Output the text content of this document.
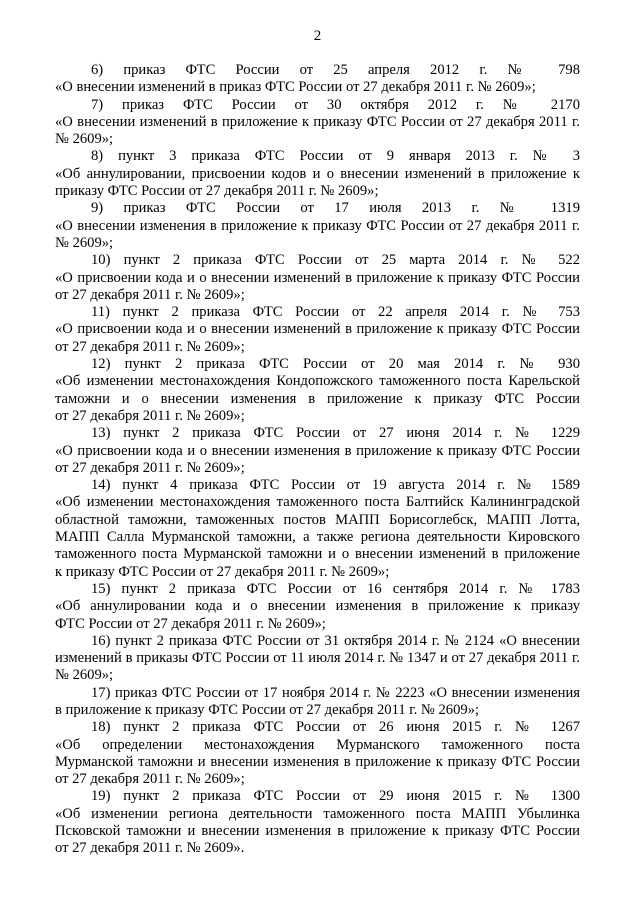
2

6) приказ ФТС России от 25 апреля 2012 г. № 798
«О внесении изменений в приказ ФТС России от 27 декабря 2011 г. № 2609»;

7) приказ ФТС России от 30 октября 2012 г. № 2170
«О внесении изменений в приложение к приказу ФТС России от 27 декабря 2011 г.
№ 2609»;

8) пункт 3 приказа ФТС России от 9 января 2013 г. № 3
«Об аннулировании, присвоении кодов и о внесении изменений в приложение к
приказу ФТС России от 27 декабря 2011 г. № 2609»;

9) приказ ФТС России от 17 июля 2013 г. № 1319
«О внесении изменения в приложение к приказу ФТС России от 27 декабря 2011 г.
№ 2609»;

10) пункт 2 приказа ФТС России от 25 марта 2014 г. № 522
«О присвоении кода и о внесении изменений в приложение к приказу ФТС России
от 27 декабря 2011 г. № 2609»;

11) пункт 2 приказа ФТС России от 22 апреля 2014 г. № 753
«О присвоении кода и о внесении изменений в приложение к приказу ФТС России
от 27 декабря 2011 г. № 2609»;

12) пункт 2 приказа ФТС России от 20 мая 2014 г. № 930
«Об изменении местонахождения Кондопожского таможенного поста Карельской
таможни и о внесении изменения в приложение к приказу ФТС России
от 27 декабря 2011 г. № 2609»;

13) пункт 2 приказа ФТС России от 27 июня 2014 г. № 1229
«О присвоении кода и о внесении изменения в приложение к приказу ФТС России
от 27 декабря 2011 г. № 2609»;

14) пункт 4 приказа ФТС России от 19 августа 2014 г. № 1589
«Об изменении местонахождения таможенного поста Балтийск Калининградской
областной таможни, таможенных постов МАПП Борисоглебск, МАПП Лотта,
МАПП Салла Мурманской таможни, а также региона деятельности Кировского
таможенного поста Мурманской таможни и о внесении изменений в приложение
к приказу ФТС России от 27 декабря 2011 г. № 2609»;

15) пункт 2 приказа ФТС России от 16 сентября 2014 г. № 1783
«Об аннулировании кода и о внесении изменения в приложение к приказу
ФТС России от 27 декабря 2011 г. № 2609»;

16) пункт 2 приказа ФТС России от 31 октября 2014 г. № 2124 «О внесении
изменений в приказы ФТС России от 11 июля 2014 г. № 1347 и от 27 декабря 2011 г.
№ 2609»;

17) приказ ФТС России от 17 ноября 2014 г. № 2223 «О внесении изменения
в приложение к приказу ФТС России от 27 декабря 2011 г. № 2609»;

18) пункт 2 приказа ФТС России от 26 июня 2015 г. № 1267
«Об определении местонахождения Мурманского таможенного поста
Мурманской таможни и внесении изменения в приложение к приказу ФТС России
от 27 декабря 2011 г. № 2609»;

19) пункт 2 приказа ФТС России от 29 июня 2015 г. № 1300
«Об изменении региона деятельности таможенного поста МАПП Убылинка
Псковской таможни и внесении изменения в приложение к приказу ФТС России
от 27 декабря 2011 г. № 2609».
